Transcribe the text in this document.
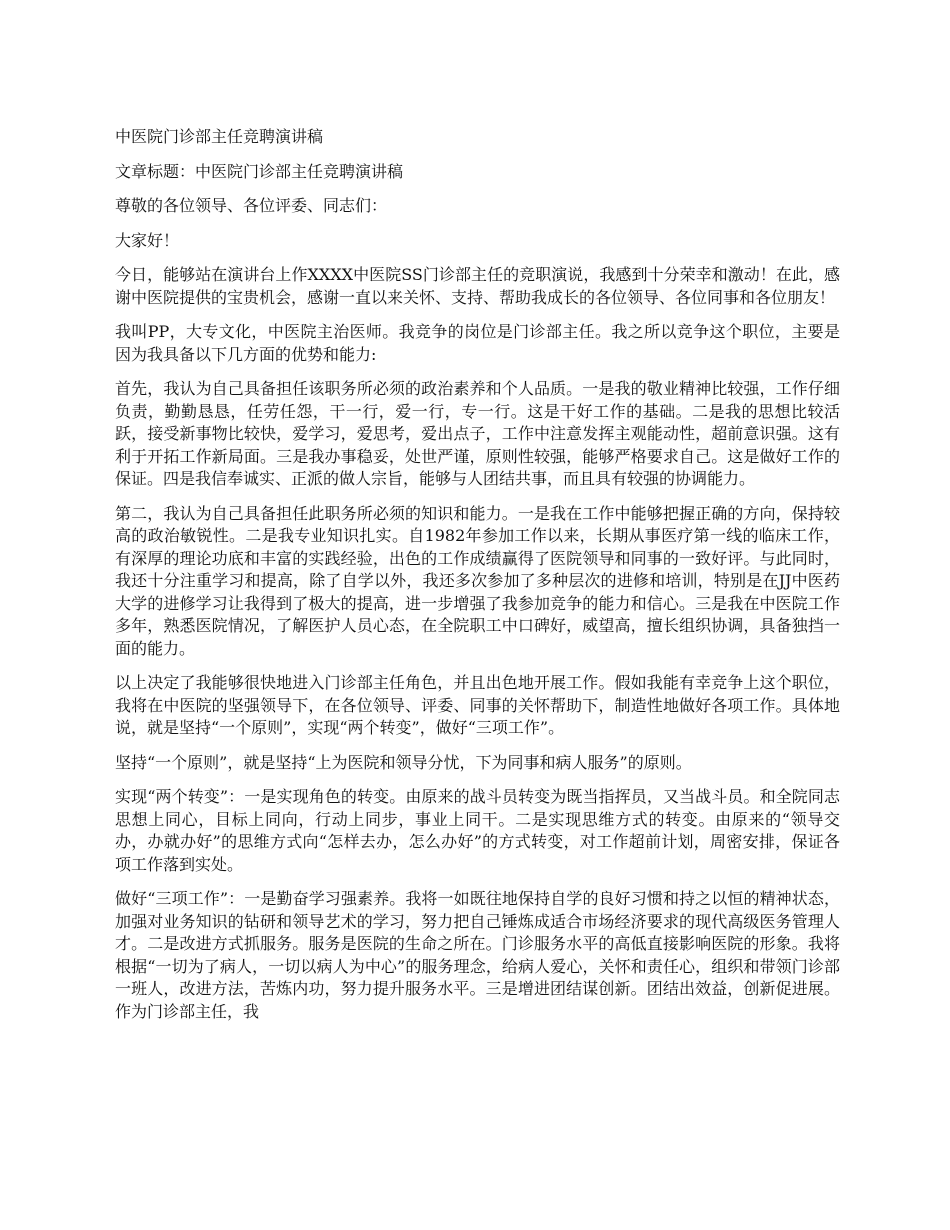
中医院门诊部主任竞聘演讲稿

文章标题：中医院门诊部主任竞聘演讲稿

尊敬的各位领导、各位评委、同志们：

大家好！

今日，能够站在演讲台上作XXXX中医院SS门诊部主任的竞职演说，我感到十分荣幸和激动！在此，感谢中医院提供的宝贵机会，感谢一直以来关怀、支持、帮助我成长的各位领导、各位同事和各位朋友！

我叫PP，大专文化，中医院主治医师。我竞争的岗位是门诊部主任。我之所以竞争这个职位，主要是因为我具备以下几方面的优势和能力:

首先，我认为自己具备担任该职务所必须的政治素养和个人品质。一是我的敬业精神比较强，工作仔细负责，勤勤恳恳，任劳任怨，干一行，爱一行，专一行。这是干好工作的基础。二是我的思想比较活跃，接受新事物比较快，爱学习，爱思考，爱出点子，工作中注意发挥主观能动性，超前意识强。这有利于开拓工作新局面。三是我办事稳妥，处世严谨，原则性较强，能够严格要求自己。这是做好工作的保证。四是我信奉诚实、正派的做人宗旨，能够与人团结共事，而且具有较强的协调能力。

第二，我认为自己具备担任此职务所必须的知识和能力。一是我在工作中能够把握正确的方向，保持较高的政治敏锐性。二是我专业知识扎实。自1982年参加工作以来，长期从事医疗第一线的临床工作，有深厚的理论功底和丰富的实践经验，出色的工作成绩赢得了医院领导和同事的一致好评。与此同时，我还十分注重学习和提高，除了自学以外，我还多次参加了多种层次的进修和培训，特别是在JJ中医药大学的进修学习让我得到了极大的提高，进一步增强了我参加竞争的能力和信心。三是我在中医院工作多年，熟悉医院情况，了解医护人员心态，在全院职工中口碑好，威望高，擅长组织协调，具备独挡一面的能力。

以上决定了我能够很快地进入门诊部主任角色，并且出色地开展工作。假如我能有幸竞争上这个职位，我将在中医院的坚强领导下，在各位领导、评委、同事的关怀帮助下，制造性地做好各项工作。具体地说，就是坚持“一个原则”，实现“两个转变”，做好“三项工作”。

坚持“一个原则”，就是坚持“上为医院和领导分忧，下为同事和病人服务”的原则。

实现“两个转变”：一是实现角色的转变。由原来的战斗员转变为既当指挥员，又当战斗员。和全院同志思想上同心，目标上同向，行动上同步，事业上同干。二是实现思维方式的转变。由原来的“领导交办，办就办好”的思维方式向“怎样去办，怎么办好”的方式转变，对工作超前计划，周密安排，保证各项工作落到实处。

做好“三项工作”：一是勤奋学习强素养。我将一如既往地保持自学的良好习惯和持之以恒的精神状态，加强对业务知识的钻研和领导艺术的学习，努力把自己锤炼成适合市场经济要求的现代高级医务管理人才。二是改进方式抓服务。服务是医院的生命之所在。门诊服务水平的高低直接影响医院的形象。我将根据“一切为了病人，一切以病人为中心”的服务理念，给病人爱心，关怀和责任心，组织和带领门诊部一班人，改进方法，苦炼内功，努力提升服务水平。三是增进团结谋创新。团结出效益，创新促进展。作为门诊部主任，我
